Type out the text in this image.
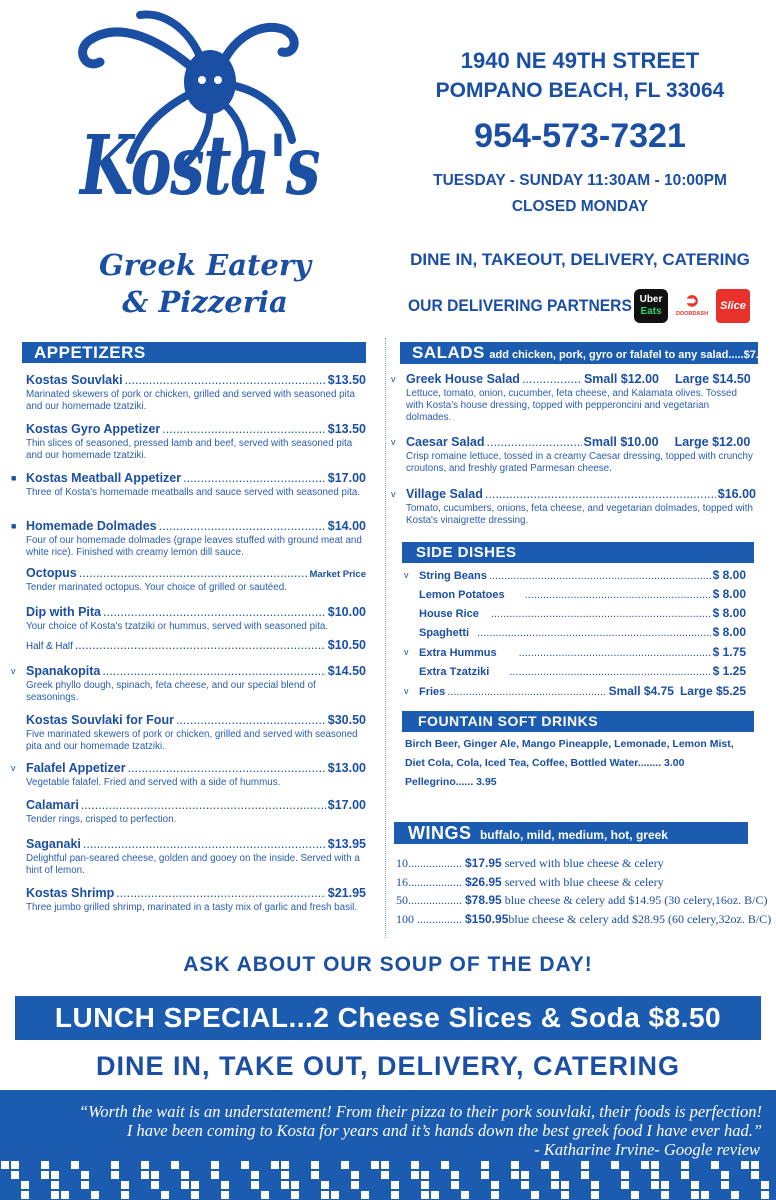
Kosta's
Greek Eatery
& Pizzeria
1940 NE 49TH STREET
POMPANO BEACH, FL 33064
954-573-7321
TUESDAY - SUNDAY 11:30AM - 10:00PM
CLOSED MONDAY
DINE IN, TAKEOUT, DELIVERY, CATERING
OUR DELIVERING PARTNERS Uber
Eats
➲
DOORDASH
Slice
APPETIZERS
Kostas Souvlaki .....	$13.50
Marinated skewers of pork or chicken, grilled and served with seasoned pita and our homemade tzatziki.
Kostas Gyro Appetizer .....	$13.50
Thin slices of seasoned, pressed lamb and beef, served with seasoned pita and our homemade tzatziki.
■ Kostas Meatball Appetizer .....	$17.00
Three of Kosta's homemade meatballs and sauce served with seasoned pita.
■ Homemade Dolmades .....	$14.00
Four of our homemade dolmades (grape leaves stuffed with ground meat and white rice). Finished with creamy lemon dill sauce.
Octopus .....	Market Price
Tender marinated octopus. Your choice of grilled or sautéed.
Dip with Pita .....	$10.00
Your choice of Kosta's tzatziki or hummus, served with seasoned pita.
Half & Half .....	$10.50
v Spanakopita .....	$14.50
Greek phyllo dough, spinach, feta cheese, and our special blend of seasonings.
Kostas Souvlaki for Four .....	$30.50
Five marinated skewers of pork or chicken, grilled and served with seasoned pita and our homemade tzatziki.
v Falafel Appetizer .....	$13.00
Vegetable falafel. Fried and served with a side of hummus.
Calamari .....	$17.00
Tender rings, crisped to perfection.
Saganaki .....	$13.95
Delightful pan-seared cheese, golden and gooey on the inside. Served with a hint of lemon.
Kostas Shrimp .....	$21.95
Three jumbo grilled shrimp, marinated in a tasty mix of garlic and fresh basil.
SALADS add chicken, pork, gyro or falafel to any salad.....$7.00
v Greek House Salad .....	Small $12.00 Large $14.50
Lettuce, tomato, onion, cucumber, feta cheese, and Kalamata olives. Tossed with Kosta's house dressing, topped with pepperoncini and vegetarian dolmades.
v Caesar Salad .....	Small $10.00 Large $12.00
Crisp romaine lettuce, tossed in a creamy Caesar dressing, topped with crunchy croutons, and freshly grated Parmesan cheese.
v Village Salad .....	$16.00
Tomato, cucumbers, onions, feta cheese, and vegetarian dolmades, topped with Kosta's vinaigrette dressing.
SIDE DISHES
v String Beans .....	$ 8.00
Lemon Potatoes .....	$ 8.00
House Rice .....	$ 8.00
Spaghetti .....	$ 8.00
v Extra Hummus .....	$ 1.75
Extra Tzatziki .....	$ 1.25
v Fries .....	Small $4.75 Large $5.25
FOUNTAIN SOFT DRINKS
Birch Beer, Ginger Ale, Mango Pineapple, Lemonade, Lemon Mist,
Diet Cola, Cola, Iced Tea, Coffee, Bottled Water........ 3.00
Pellegrino...... 3.95
WINGS buffalo, mild, medium, hot, greek
10.................. $17.95 served with blue cheese & celery
16.................. $26.95 served with blue cheese & celery
50.................. $78.95 blue cheese & celery add $14.95 (30 celery,16oz. B/C)
100 ............... $150.95blue cheese & celery add $28.95 (60 celery,32oz. B/C)
ASK ABOUT OUR SOUP OF THE DAY!
LUNCH SPECIAL...2 Cheese Slices & Soda $8.50
DINE IN, TAKE OUT, DELIVERY, CATERING
“Worth the wait is an understatement! From their pizza to their pork souvlaki, their foods is perfection!
I have been coming to Kosta for years and it’s hands down the best greek food I have ever had.”
- Katharine Irvine- Google review
